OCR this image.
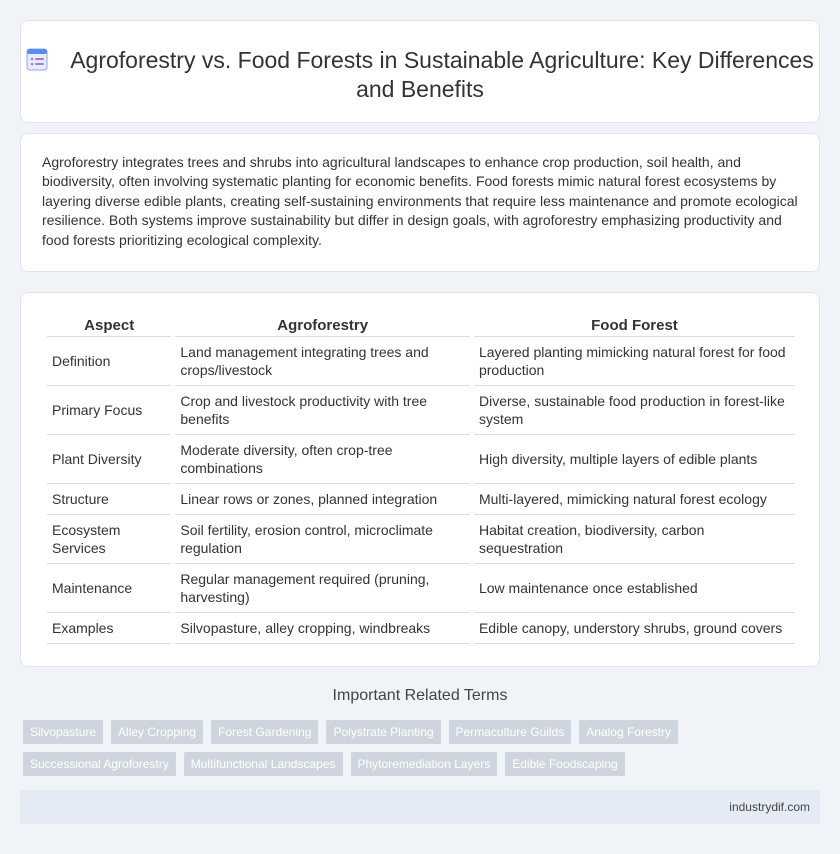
Agroforestry vs. Food Forests in Sustainable Agriculture: Key Differences and Benefits

Agroforestry integrates trees and shrubs into agricultural landscapes to enhance crop production, soil health, and biodiversity, often involving systematic planting for economic benefits. Food forests mimic natural forest ecosystems by layering diverse edible plants, creating self-sustaining environments that require less maintenance and promote ecological resilience. Both systems improve sustainability but differ in design goals, with agroforestry emphasizing productivity and food forests prioritizing ecological complexity.

Aspect	Agroforestry	Food Forest
Definition	Land management integrating trees and crops/livestock	Layered planting mimicking natural forest for food production
Primary Focus	Crop and livestock productivity with tree benefits	Diverse, sustainable food production in forest-like system
Plant Diversity	Moderate diversity, often crop-tree combinations	High diversity, multiple layers of edible plants
Structure	Linear rows or zones, planned integration	Multi-layered, mimicking natural forest ecology
Ecosystem Services	Soil fertility, erosion control, microclimate regulation	Habitat creation, biodiversity, carbon sequestration
Maintenance	Regular management required (pruning, harvesting)	Low maintenance once established
Examples	Silvopasture, alley cropping, windbreaks	Edible canopy, understory shrubs, ground covers
Important Related Terms
Silvopasture	Alley Cropping	Forest Gardening	Polystrate Planting	Permaculture Guilds	Analog Forestry
Successional Agroforestry	Multifunctional Landscapes	Phytoremediation Layers	Edible Foodscaping
industrydif.com
